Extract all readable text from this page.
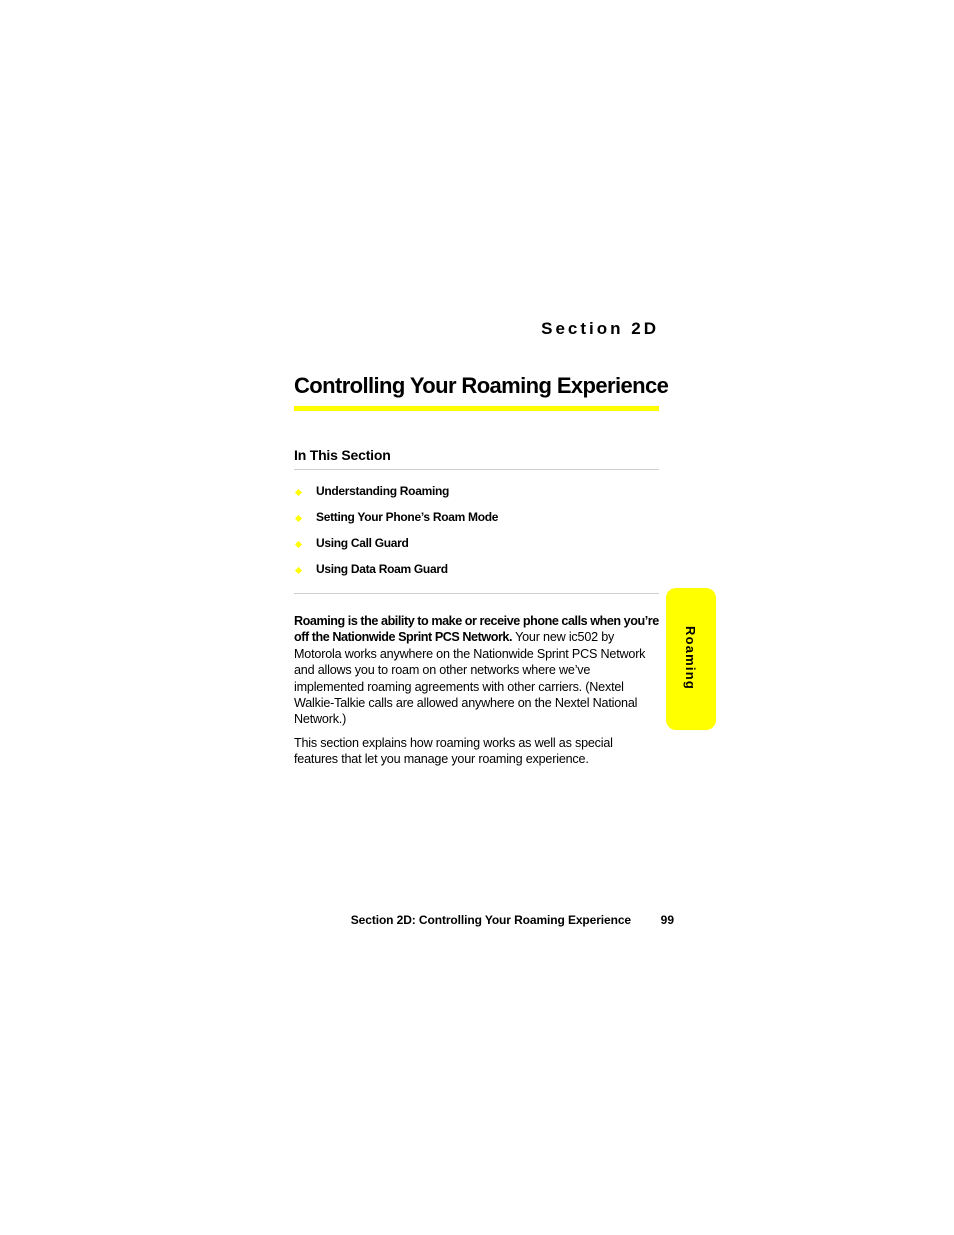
Section 2D
Controlling Your Roaming Experience
In This Section
Understanding Roaming
Setting Your Phone’s Roam Mode
Using Call Guard
Using Data Roam Guard
Roaming

Roaming is the ability to make or receive phone calls when you’re off the Nationwide Sprint PCS Network. Your new ic502 by Motorola works anywhere on the Nationwide Sprint PCS Network and allows you to roam on other networks where we’ve implemented roaming agreements with other carriers. (Nextel Walkie-Talkie calls are allowed anywhere on the Nextel National Network.)

This section explains how roaming works as well as special features that let you manage your roaming experience.

Section 2D: Controlling Your Roaming Experience	99
